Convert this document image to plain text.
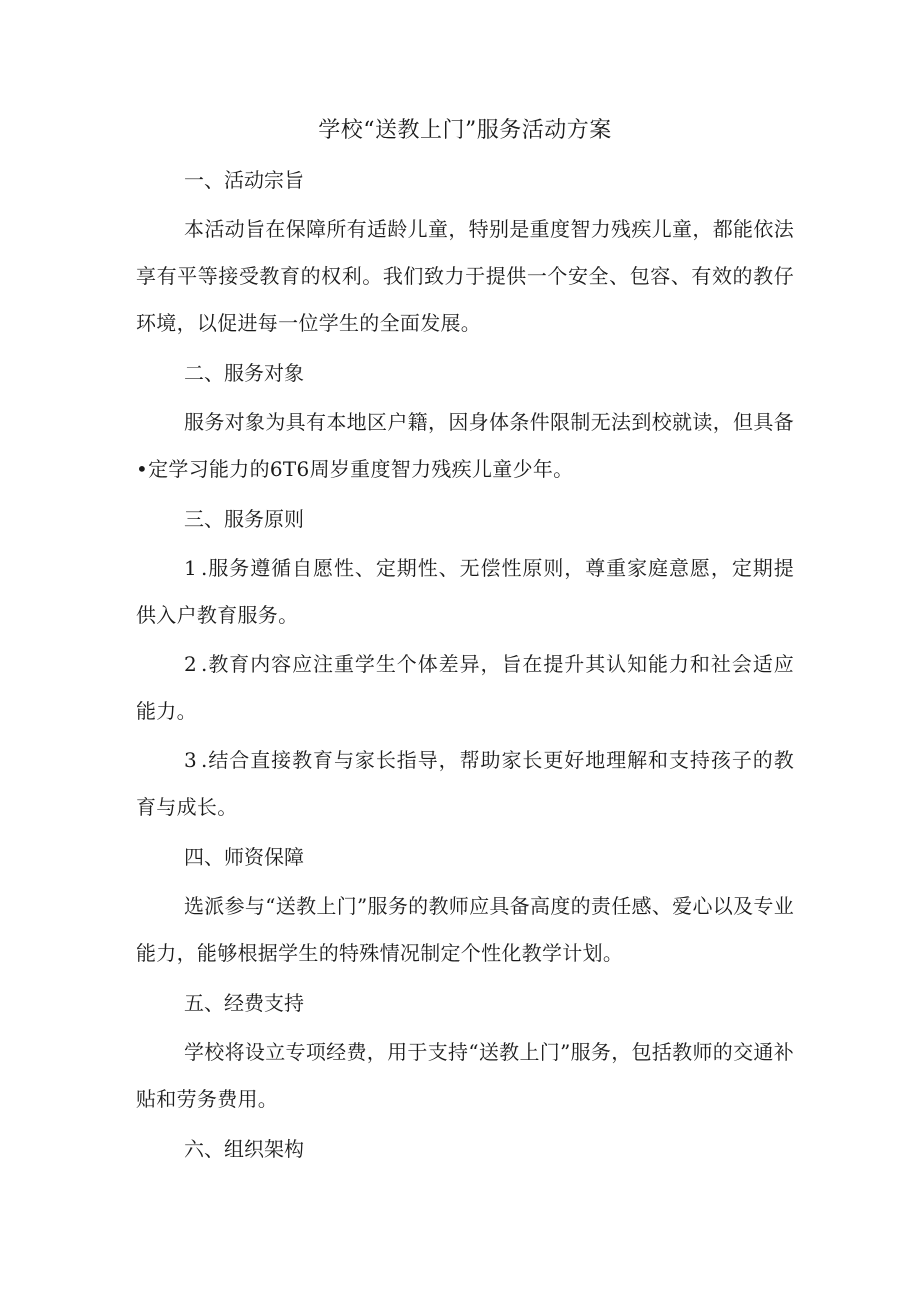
学校“送教上门”服务活动方案
一、活动宗旨

本活动旨在保障所有适龄儿童，特别是重度智力残疾儿童，都能依法享有平等接受教育的权利。我们致力于提供一个安全、包容、有效的教仔环境，以促进每一位学生的全面发展。

二、服务对象

服务对象为具有本地区户籍，因身体条件限制无法到校就读，但具备•定学习能力的6T6周岁重度智力残疾儿童少年。

三、服务原则

1 .服务遵循自愿性、定期性、无偿性原则，尊重家庭意愿，定期提供入户教育服务。

2 .教育内容应注重学生个体差异，旨在提升其认知能力和社会适应能力。

3 .结合直接教育与家长指导，帮助家长更好地理解和支持孩子的教育与成长。

四、师资保障

选派参与“送教上门”服务的教师应具备高度的责任感、爱心以及专业能力，能够根据学生的特殊情况制定个性化教学计划。

五、经费支持

学校将设立专项经费，用于支持“送教上门”服务，包括教师的交通补贴和劳务费用。

六、组织架构
